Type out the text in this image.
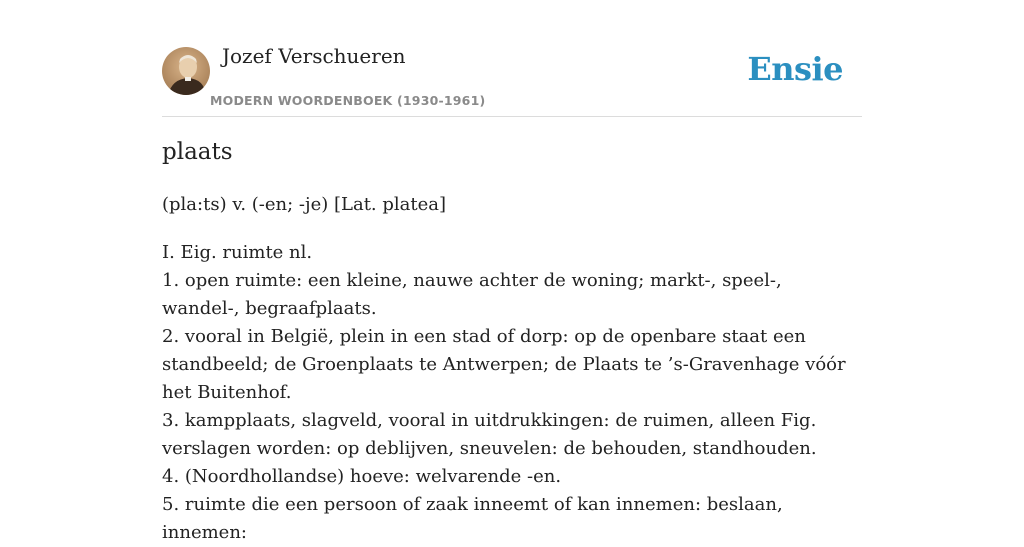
Jozef Verschueren
MODERN WOORDENBOEK (1930-1961)
Ensie
plaats
(pla:ts) v. (-en; -je) [Lat. platea]

I. Eig. ruimte nl.

1. open ruimte: een kleine, nauwe achter de woning; markt-, speel-, wandel-, begraafplaats.

2. vooral in België, plein in een stad of dorp: op de openbare staat een standbeeld; de Groenplaats te Antwerpen; de Plaats te ’s-Gravenhage vóór het Buitenhof.

3. kampplaats, slagveld, vooral in uitdrukkingen: de ruimen, alleen Fig. verslagen worden: op deblijven, sneuvelen: de behouden, standhouden.

4. (Noordhollandse) hoeve: welvarende -en.

5. ruimte die een persoon of zaak inneemt of kan innemen: beslaan, innemen:
